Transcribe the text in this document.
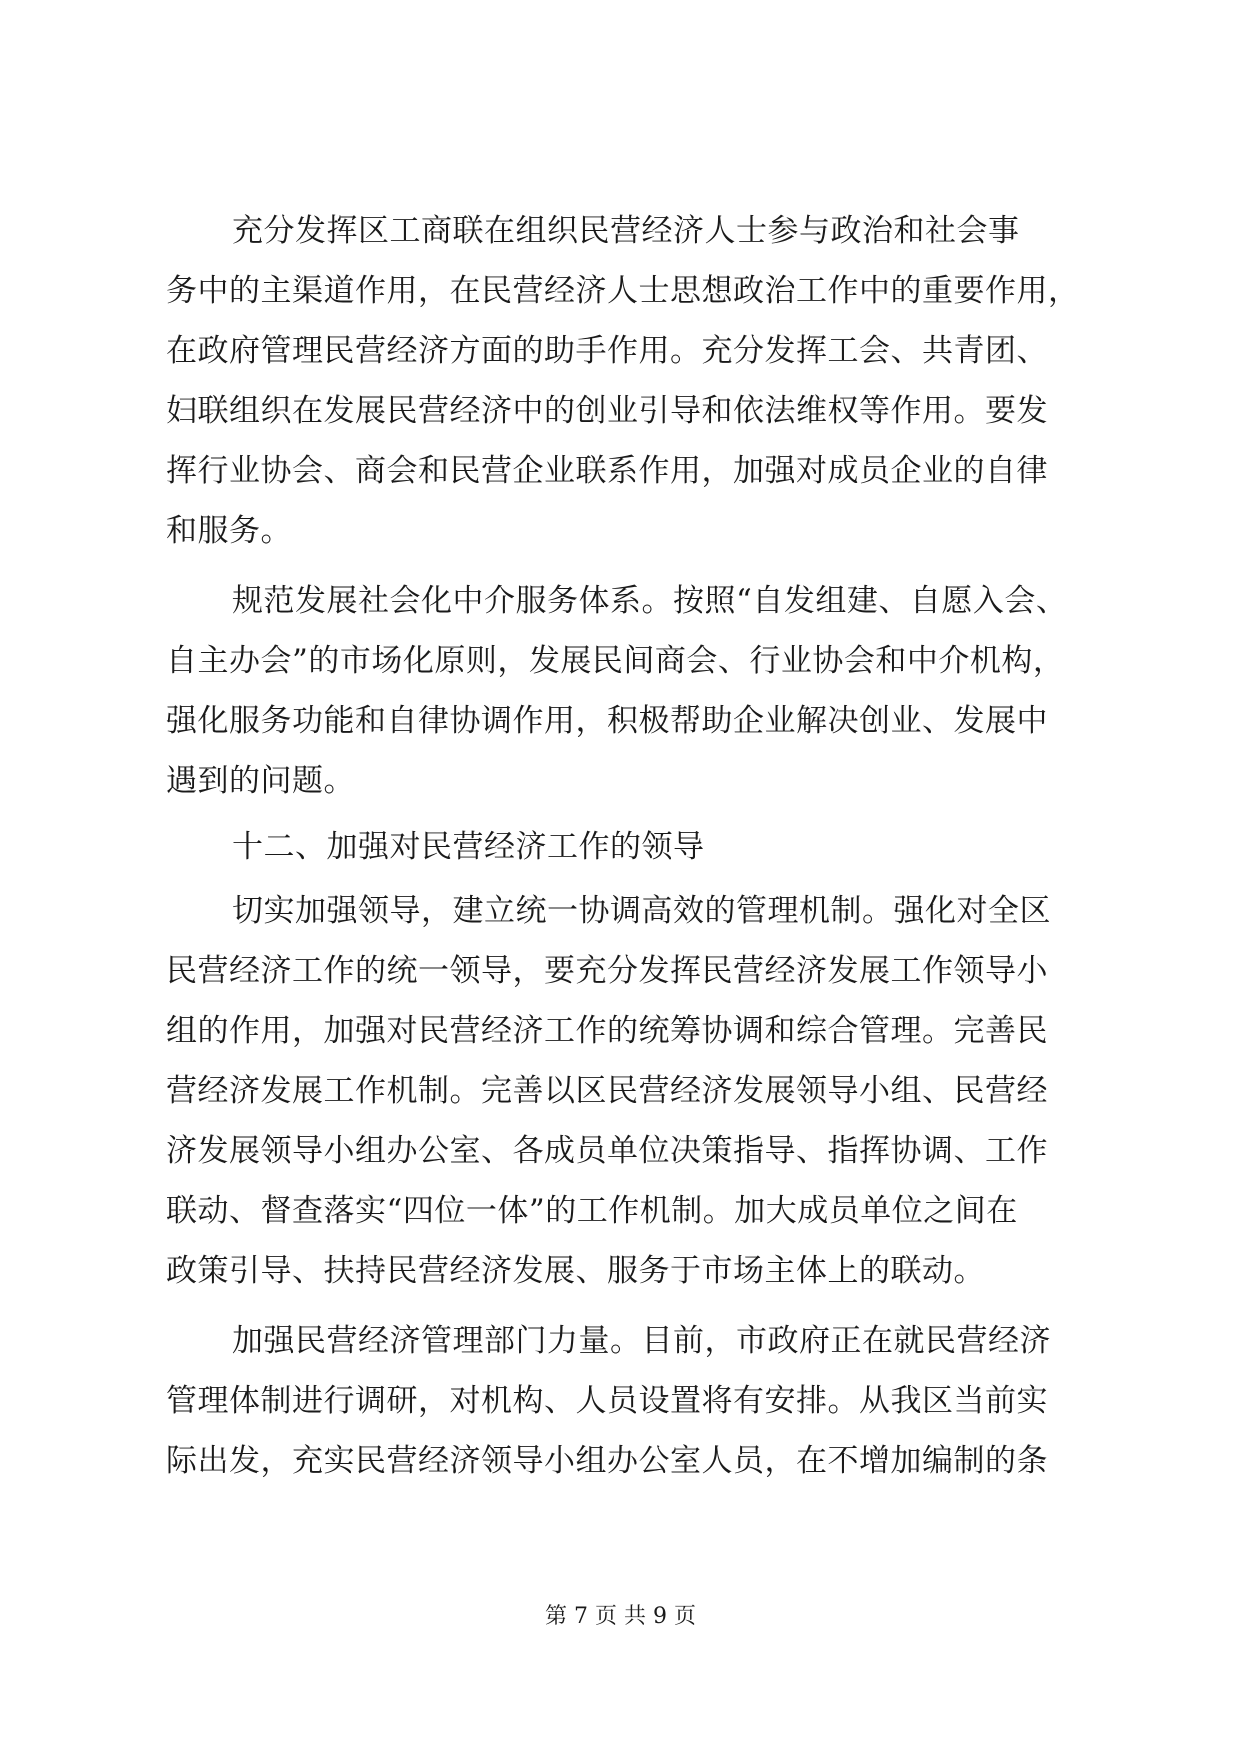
充分发挥区工商联在组织民营经济人士参与政治和社会事
务中的主渠道作用，在民营经济人士思想政治工作中的重要作用，
在政府管理民营经济方面的助手作用。充分发挥工会、共青团、
妇联组织在发展民营经济中的创业引导和依法维权等作用。要发
挥行业协会、商会和民营企业联系作用，加强对成员企业的自律
和服务。
规范发展社会化中介服务体系。按照“自发组建、自愿入会、
自主办会”的市场化原则，发展民间商会、行业协会和中介机构，
强化服务功能和自律协调作用，积极帮助企业解决创业、发展中
遇到的问题。
十二、加强对民营经济工作的领导
切实加强领导，建立统一协调高效的管理机制。强化对全区
民营经济工作的统一领导，要充分发挥民营经济发展工作领导小
组的作用，加强对民营经济工作的统筹协调和综合管理。完善民
营经济发展工作机制。完善以区民营经济发展领导小组、民营经
济发展领导小组办公室、各成员单位决策指导、指挥协调、工作
联动、督查落实“四位一体”的工作机制。加大成员单位之间在
政策引导、扶持民营经济发展、服务于市场主体上的联动。
加强民营经济管理部门力量。目前，市政府正在就民营经济
管理体制进行调研，对机构、人员设置将有安排。从我区当前实
际出发，充实民营经济领导小组办公室人员，在不增加编制的条
第 7 页 共 9 页
